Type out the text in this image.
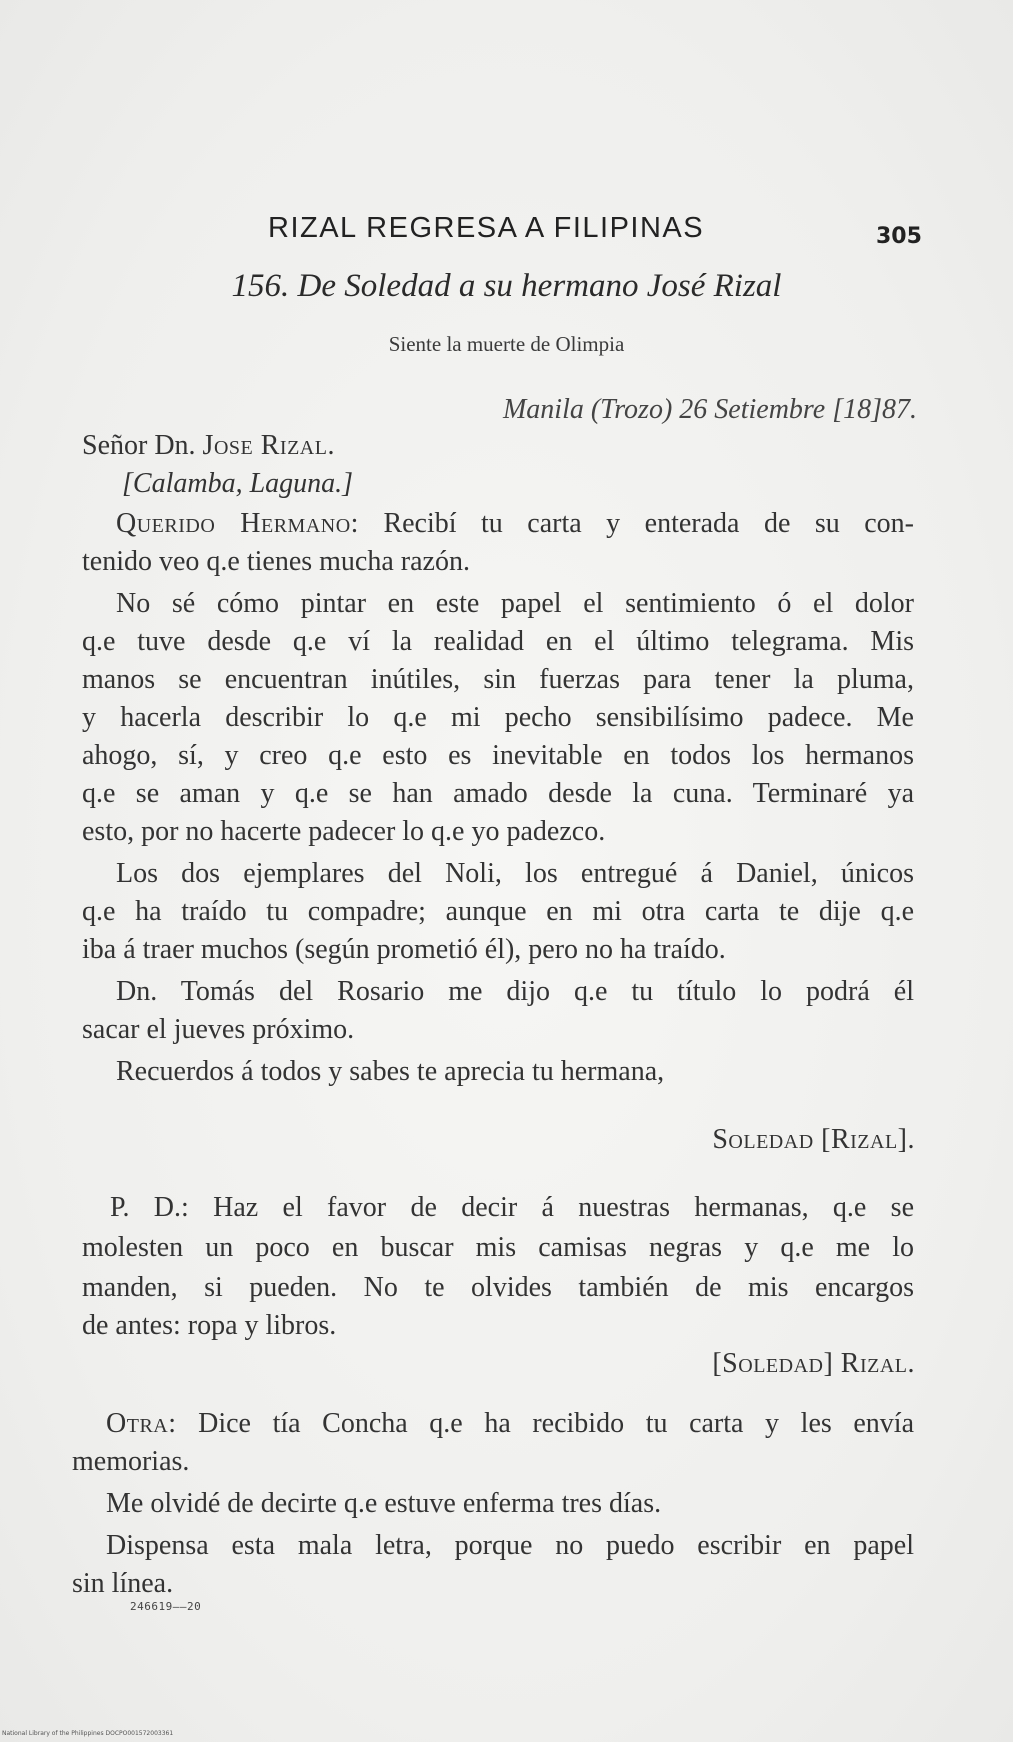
RIZAL REGRESA A FILIPINAS	305
156. De Soledad a su hermano José Rizal
Siente la muerte de Olimpia
Manila (Trozo) 26 Setiembre [18]87.
Señor Dn. Jose Rizal.
[Calamba, Laguna.]
Querido Hermano: Recibí tu carta y enterada de su con-
tenido veo q.e tienes mucha razón.
No sé cómo pintar en este papel el sentimiento ó el dolor
q.e tuve desde q.e ví la realidad en el último telegrama. Mis
manos se encuentran inútiles, sin fuerzas para tener la pluma,
y hacerla describir lo q.e mi pecho sensibilísimo padece. Me
ahogo, sí, y creo q.e esto es inevitable en todos los hermanos
q.e se aman y q.e se han amado desde la cuna. Terminaré ya
esto, por no hacerte padecer lo q.e yo padezco.
Los dos ejemplares del Noli, los entregué á Daniel, únicos
q.e ha traído tu compadre; aunque en mi otra carta te dije q.e
iba á traer muchos (según prometió él), pero no ha traído.
Dn. Tomás del Rosario me dijo q.e tu título lo podrá él
sacar el jueves próximo.
Recuerdos á todos y sabes te aprecia tu hermana,
Soledad [Rizal].
P. D.: Haz el favor de decir á nuestras hermanas, q.e se
molesten un poco en buscar mis camisas negras y q.e me lo
manden, si pueden. No te olvides también de mis encargos
de antes: ropa y libros.
[Soledad] Rizal.
Otra: Dice tía Concha q.e ha recibido tu carta y les envía
memorias.
Me olvidé de decirte q.e estuve enferma tres días.
Dispensa esta mala letra, porque no puedo escribir en papel
sin línea.
246619——20
National Library of the Philippines DOCPO001572003361
